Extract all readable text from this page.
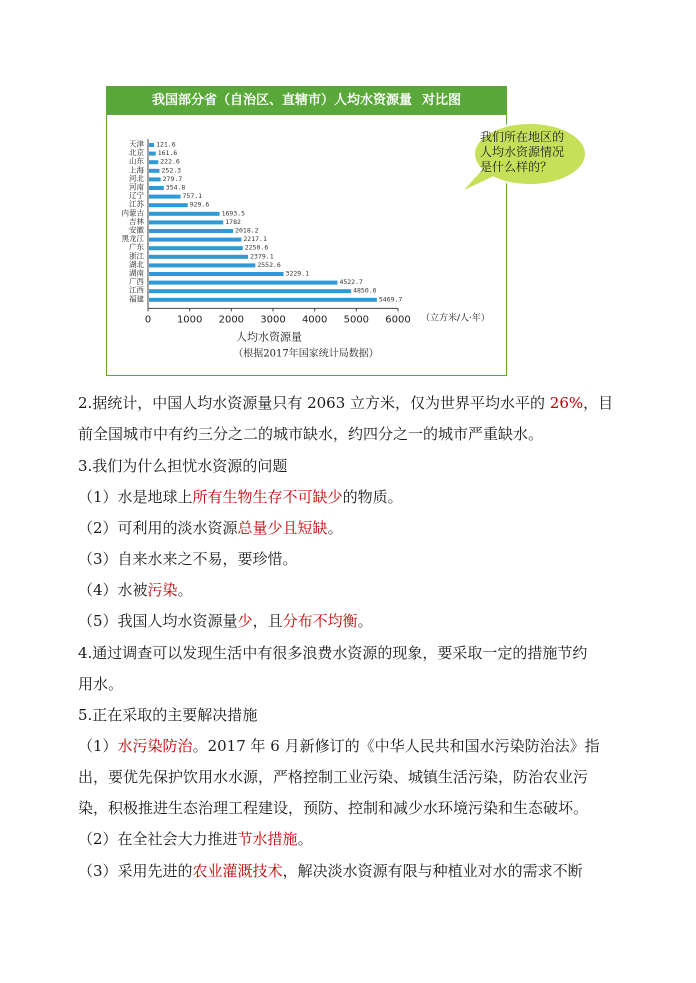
我国部分省（自治区、直辖市）人均水资源量 对比图
天津 121.6
北京 161.6
山东	222.6
上海	252.3
河北	279.7
河南	354.8
辽宁	757.1
江苏	929.6
内蒙古	1693.5
吉林	1782
安徽	2018.2
黑龙江	2217.1
广东	2250.6
浙江	2379.1
湖北	2552.6
湖南	3229.1
广西	4522.7
江西	4850.6
福建	5469.7
0	1000 2000 3000 4000 5000 6000 （立方米/人·年）
人均水资源量
（根据2017年国家统计局数据）
我们所在地区的
人均水资源情况
是什么样的？
2.据统计，中国人均水资源量只有 2063 立方米，仅为世界平均水平的 26%，目
前全国城市中有约三分之二的城市缺水，约四分之一的城市严重缺水。
3.我们为什么担忧水资源的问题
（1）水是地球上所有生物生存不可缺少的物质。
（2）可利用的淡水资源总量少且短缺。
（3）自来水来之不易，要珍惜。
（4）水被污染。
（5）我国人均水资源量少，且分布不均衡。
4.通过调查可以发现生活中有很多浪费水资源的现象，要采取一定的措施节约
用水。
5.正在采取的主要解决措施
（1）水污染防治。2017 年 6 月新修订的《中华人民共和国水污染防治法》指
出，要优先保护饮用水水源，严格控制工业污染、城镇生活污染，防治农业污
染，积极推进生态治理工程建设，预防、控制和减少水环境污染和生态破坏。
（2）在全社会大力推进节水措施。
（3）采用先进的农业灌溉技术，解决淡水资源有限与种植业对水的需求不断
